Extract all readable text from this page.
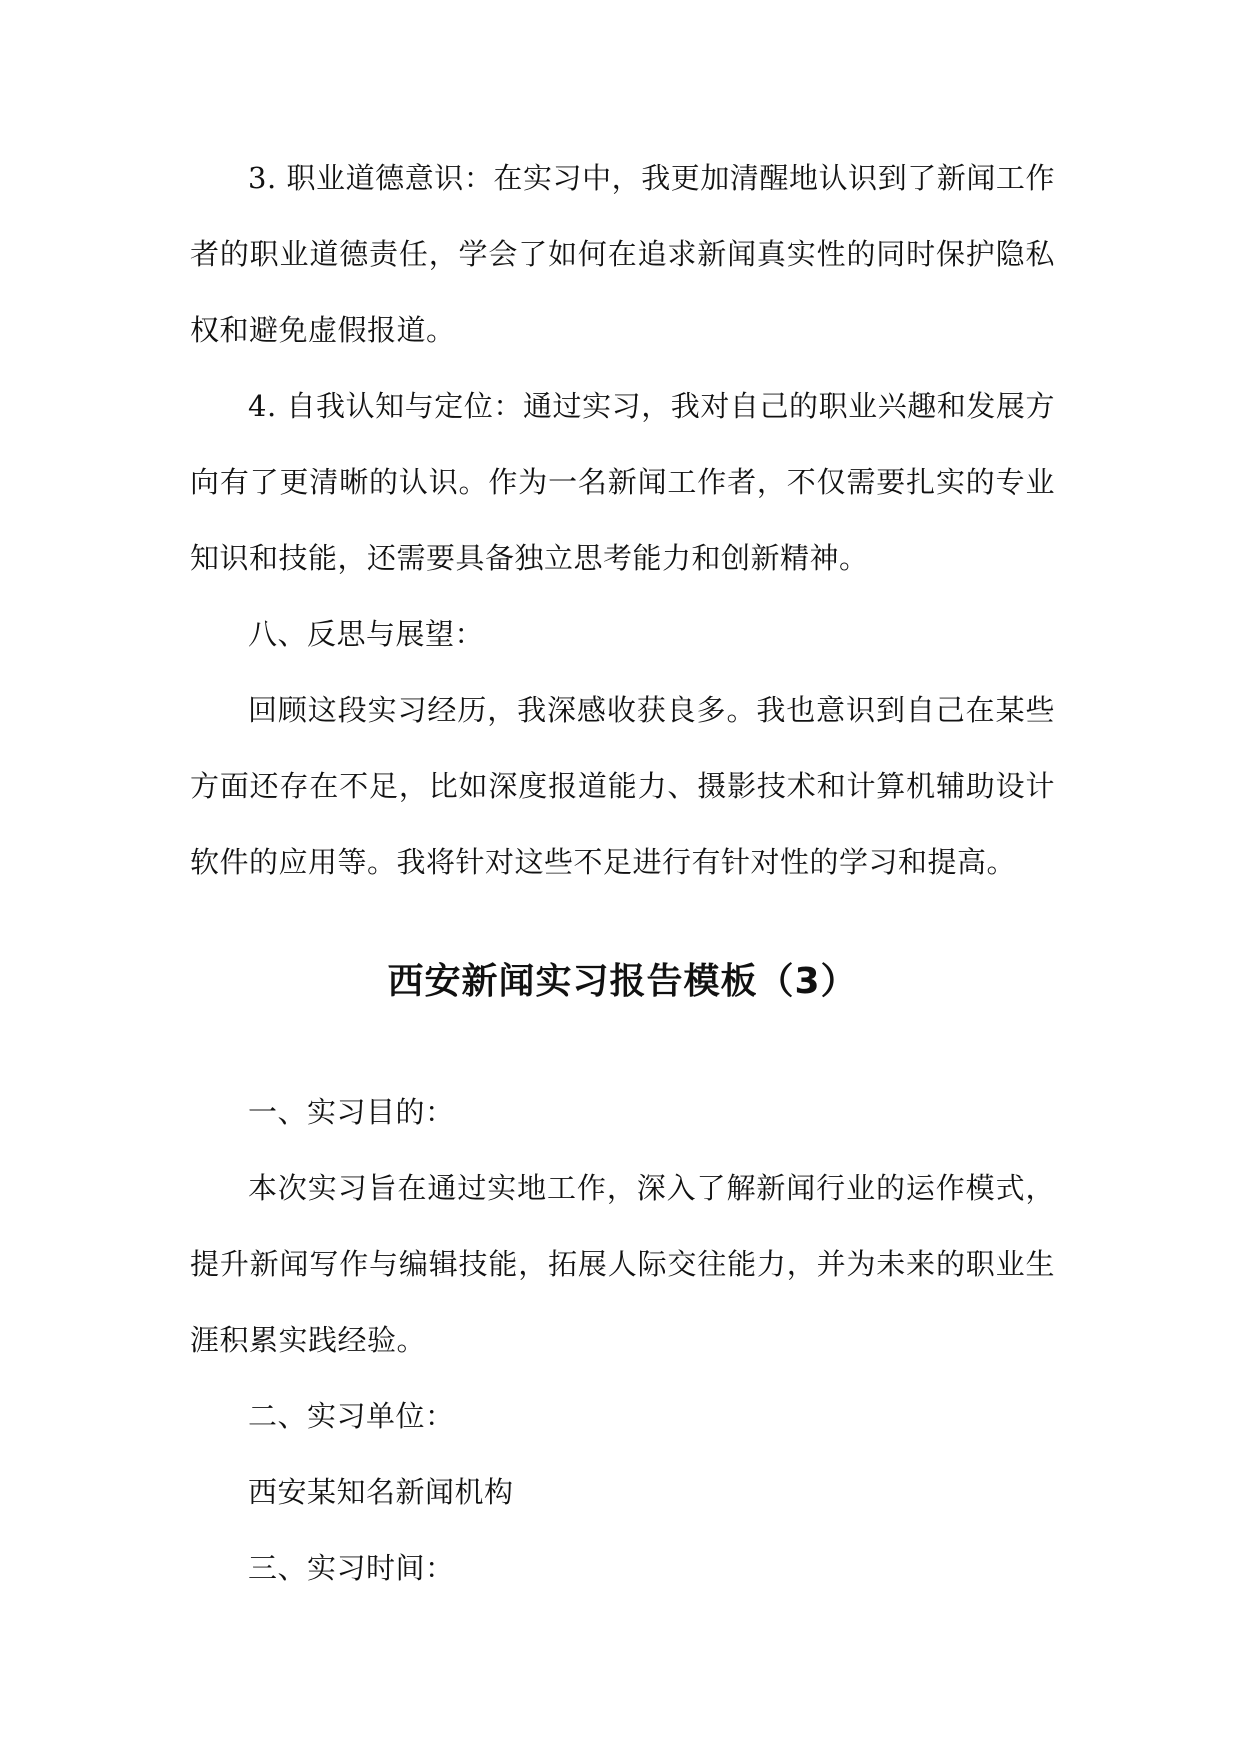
3. 职业道德意识：在实习中，我更加清醒地认识到了新闻工作者的职业道德责任，学会了如何在追求新闻真实性的同时保护隐私权和避免虚假报道。

4. 自我认知与定位：通过实习，我对自己的职业兴趣和发展方向有了更清晰的认识。作为一名新闻工作者，不仅需要扎实的专业知识和技能，还需要具备独立思考能力和创新精神。

八、反思与展望：

回顾这段实习经历，我深感收获良多。我也意识到自己在某些方面还存在不足，比如深度报道能力、摄影技术和计算机辅助设计软件的应用等。我将针对这些不足进行有针对性的学习和提高。

西安新闻实习报告模板（3）

一、实习目的：

本次实习旨在通过实地工作，深入了解新闻行业的运作模式，提升新闻写作与编辑技能，拓展人际交往能力，并为未来的职业生涯积累实践经验。

二、实习单位：

西安某知名新闻机构

三、实习时间：
